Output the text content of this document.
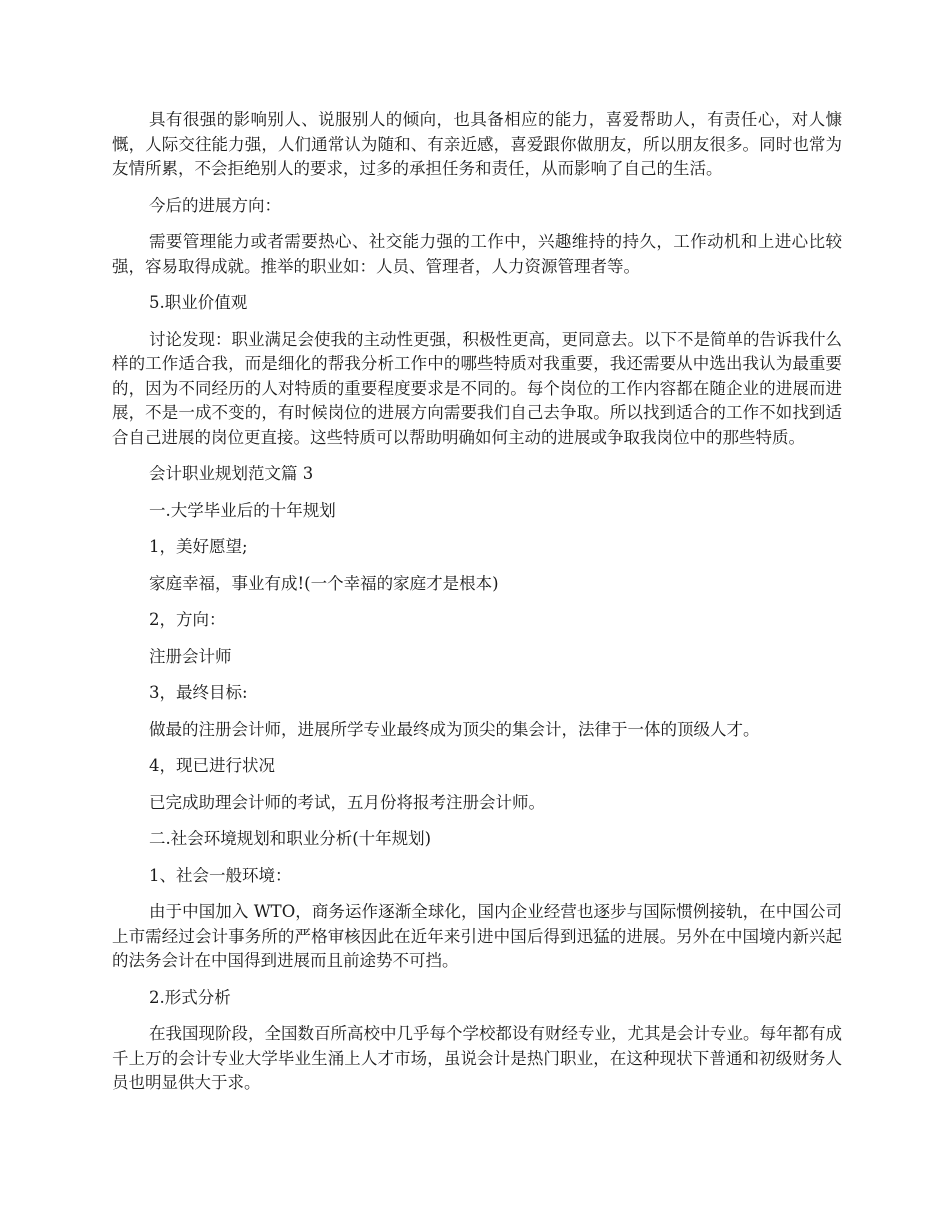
具有很强的影响别人、说服别人的倾向，也具备相应的能力，喜爱帮助人，有责任心，对人慷慨，人际交往能力强，人们通常认为随和、有亲近感，喜爱跟你做朋友，所以朋友很多。同时也常为友情所累，不会拒绝别人的要求，过多的承担任务和责任，从而影响了自己的生活。

今后的进展方向：

需要管理能力或者需要热心、社交能力强的工作中，兴趣维持的持久，工作动机和上进心比较强，容易取得成就。推举的职业如：人员、管理者，人力资源管理者等。

5.职业价值观

讨论发现：职业满足会使我的主动性更强，积极性更高，更同意去。以下不是简单的告诉我什么样的工作适合我，而是细化的帮我分析工作中的哪些特质对我重要，我还需要从中选出我认为最重要的，因为不同经历的人对特质的重要程度要求是不同的。每个岗位的工作内容都在随企业的进展而进展，不是一成不变的，有时候岗位的进展方向需要我们自己去争取。所以找到适合的工作不如找到适合自己进展的岗位更直接。这些特质可以帮助明确如何主动的进展或争取我岗位中的那些特质。

会计职业规划范文篇 3

一.大学毕业后的十年规划

1，美好愿望;

家庭幸福，事业有成!(一个幸福的家庭才是根本)

2，方向：

注册会计师

3，最终目标:

做最的注册会计师，进展所学专业最终成为顶尖的集会计，法律于一体的顶级人才。

4，现已进行状况

已完成助理会计师的考试，五月份将报考注册会计师。

二.社会环境规划和职业分析(十年规划)

1、社会一般环境：

由于中国加入 WTO，商务运作逐渐全球化，国内企业经营也逐步与国际惯例接轨，在中国公司上市需经过会计事务所的严格审核因此在近年来引进中国后得到迅猛的进展。另外在中国境内新兴起的法务会计在中国得到进展而且前途势不可挡。

2.形式分析

在我国现阶段，全国数百所高校中几乎每个学校都设有财经专业，尤其是会计专业。每年都有成千上万的会计专业大学毕业生涌上人才市场，虽说会计是热门职业，在这种现状下普通和初级财务人员也明显供大于求。
